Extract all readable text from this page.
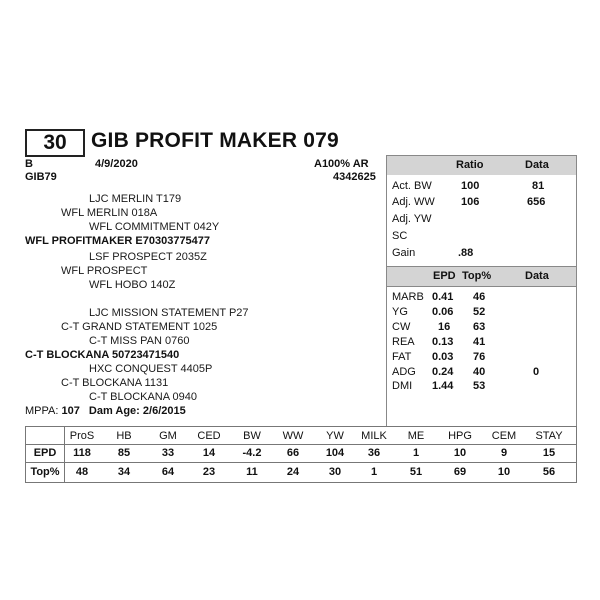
30	GIB PROFIT MAKER 079
B	4/9/2020	A100% AR
GIB79	4342625
LJC MERLIN T179
WFL MERLIN 018A
WFL COMMITMENT 042Y
WFL PROFITMAKER E70303775477
LSF PROSPECT 2035Z
WFL PROSPECT
WFL HOBO 140Z
LJC MISSION STATEMENT P27
C-T GRAND STATEMENT 1025
C-T MISS PAN 0760
C-T BLOCKANA 50723471540
HXC CONQUEST 4405P
C-T BLOCKANA 1131
C-T BLOCKANA 0940
MPPA: 107 Dam Age: 2/6/2015
Ratio	Data
Act. BW	100	81
Adj. WW 106	656
Adj. YW
SC
Gain	.88
EPD Top%	Data
MARB 0.41 46
YG 0.06 52
CW	16 63
REA 0.13 41
FAT 0.03 76
ADG 0.24 40	0
DMI 1.44 53
ProS	HB	GM	CED	BW	WW	YW	MILK	ME	HPG	CEM	STAY
EPD	118	85	33	14	-4.2	66	104	36	1	10	9	15
Top%	48	34	64	23	11	24	30	1	51	69	10	56
